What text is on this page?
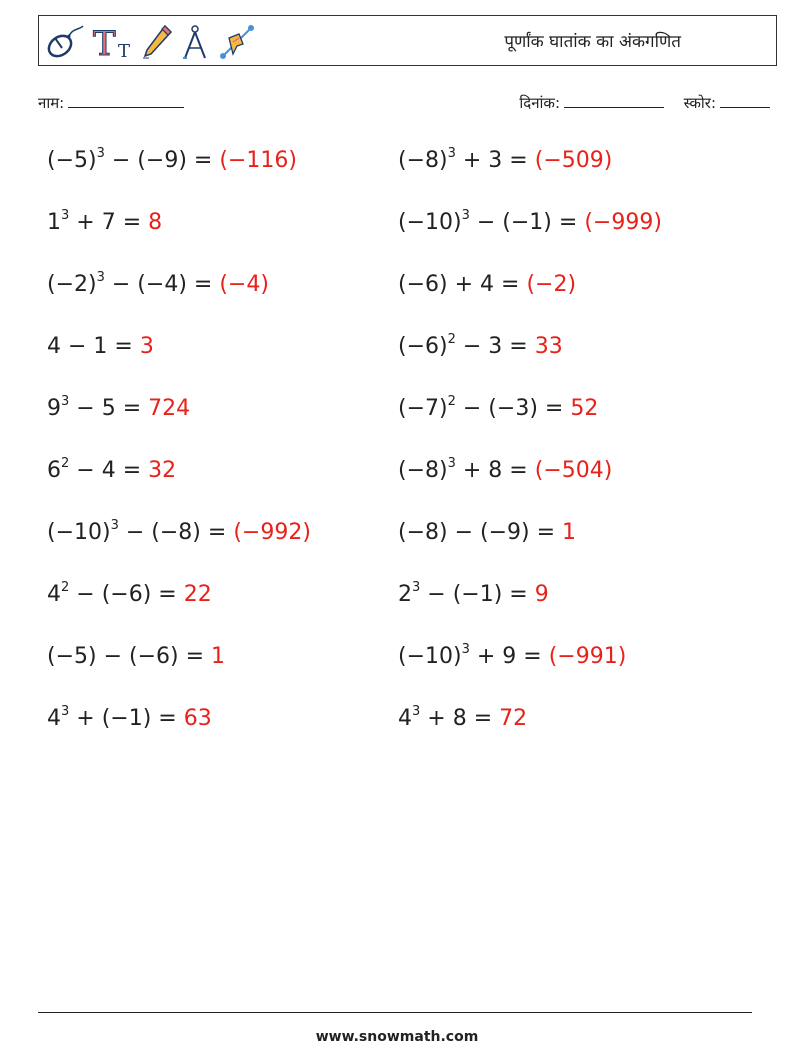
T T	पूर्णांक घातांक का अंकगणित
नाम:	दिनांक:	स्कोर:
$(-5)^3 - (-9) = (-116)$
$1^3 + 7 = 8$
$(-2)^3 - (-4) = (-4)$
4 − 1 = 3
$9^3 - 5 = 724$
$6^2 - 4 = 32$
$(-10)^3 - (-8) = (-992)$
$4^2 - (-6) = 22$
(−5) − (−6) = 1
$4^3 + (-1) = 63$
$(-8)^3 + 3 = (-509)$
$(-10)^3 - (-1) = (-999)$
(−6) + 4 = (−2)
$(-6)^2 - 3 = 33$
$(-7)^2 - (-3) = 52$
$(-8)^3 + 8 = (-504)$
(−8) − (−9) = 1
$2^3 - (-1) = 9$
$(-10)^3 + 9 = (-991)$
$4^3 + 8 = 72$
www.snowmath.com
